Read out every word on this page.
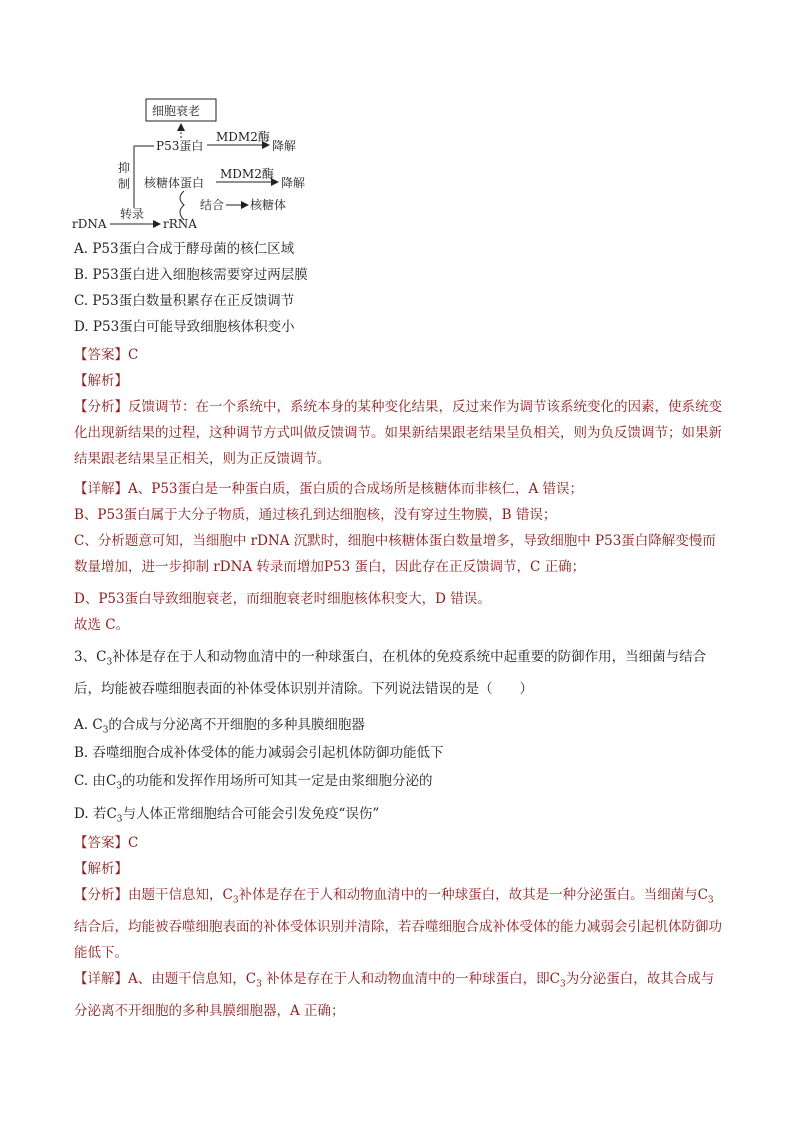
细胞衰老
P53蛋白
MDM2酶
降解
抑
制 核糖体蛋白
MDM2酶
降解
结合 核糖体
rDNA
转录
rRNA
A. P53蛋白合成于酵母菌的核仁区域
B. P53蛋白进入细胞核需要穿过两层膜
C. P53蛋白数量积累存在正反馈调节
D. P53蛋白可能导致细胞核体积变小
【答案】C
【解析】
【分析】反馈调节：在一个系统中，系统本身的某种变化结果，反过来作为调节该系统变化的因素，使系统变化出现新结果的过程，这种调节方式叫做反馈调节。如果新结果跟老结果呈负相关，则为负反馈调节；如果新结果跟老结果呈正相关，则为正反馈调节。
【详解】A、P53蛋白是一种蛋白质，蛋白质的合成场所是核糖体而非核仁，A 错误；
B、P53蛋白属于大分子物质，通过核孔到达细胞核，没有穿过生物膜，B 错误；
C、分析题意可知，当细胞中 rDNA 沉默时，细胞中核糖体蛋白数量增多，导致细胞中 P53蛋白降解变慢而数量增加，进一步抑制 rDNA 转录而增加P53 蛋白，因此存在正反馈调节，C 正确；
D、P53蛋白导致细胞衰老，而细胞衰老时细胞核体积变大，D 错误。
故选 C。
3、$C_3$补体是存在于人和动物血清中的一种球蛋白，在机体的免疫系统中起重要的防御作用，当细菌与结合后，均能被吞噬细胞表面的补体受体识别并清除。下列说法错误的是（　　）
A. $C_3$的合成与分泌离不开细胞的多种具膜细胞器
B. 吞噬细胞合成补体受体的能力减弱会引起机体防御功能低下
C. 由$C_3$的功能和发挥作用场所可知其一定是由浆细胞分泌的
D. 若$C_3$与人体正常细胞结合可能会引发免疫“误伤”
【答案】C
【解析】
【分析】由题干信息知，$C_3$补体是存在于人和动物血清中的一种球蛋白，故其是一种分泌蛋白。当细菌与$C_3$结合后，均能被吞噬细胞表面的补体受体识别并清除，若吞噬细胞合成补体受体的能力减弱会引起机体防御功能低下。
【详解】A、由题干信息知，$C_3$ 补体是存在于人和动物血清中的一种球蛋白，即$C_3$为分泌蛋白，故其合成与分泌离不开细胞的多种具膜细胞器，A 正确；
